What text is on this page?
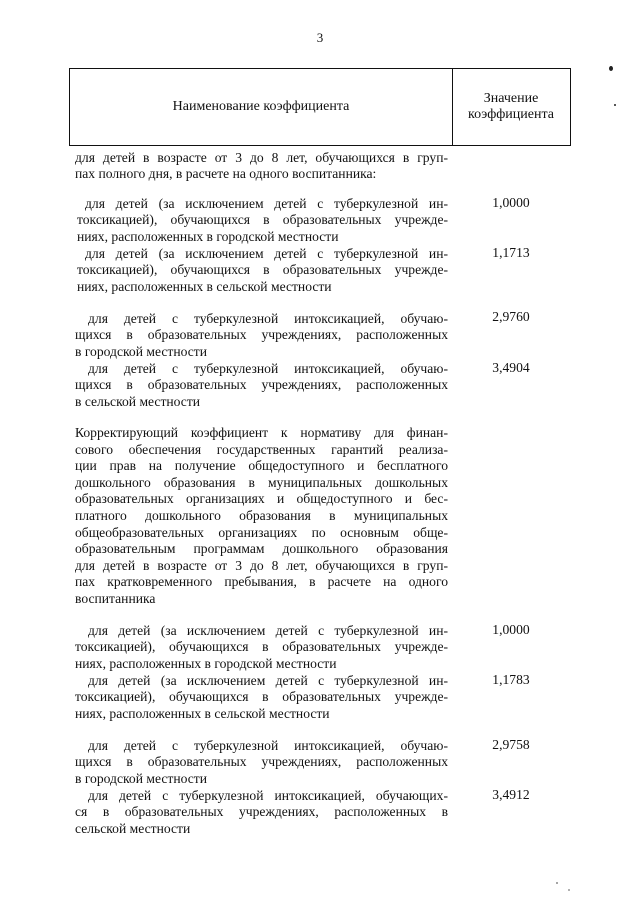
3
Наименование коэффициента
Значение
коэффициента
для детей в возрасте от 3 до 8 лет, обучающихся в груп-
пах полного дня, в расчете на одного воспитанника:
для детей (за исключением детей с туберкулезной ин-
токсикацией), обучающихся в образовательных учрежде-
ниях, расположенных в городской местности
1,0000
для детей (за исключением детей с туберкулезной ин-
токсикацией), обучающихся в образовательных учрежде-
ниях, расположенных в сельской местности
1,1713
для детей с туберкулезной интоксикацией, обучаю-
щихся в образовательных учреждениях, расположенных
в городской местности
2,9760
для детей с туберкулезной интоксикацией, обучаю-
щихся в образовательных учреждениях, расположенных
в сельской местности
3,4904
Корректирующий коэффициент к нормативу для финан-
сового обеспечения государственных гарантий реализа-
ции прав на получение общедоступного и бесплатного
дошкольного образования в муниципальных дошкольных
образовательных организациях и общедоступного и бес-
платного дошкольного образования в муниципальных
общеобразовательных организациях по основным обще-
образовательным программам дошкольного образования
для детей в возрасте от 3 до 8 лет, обучающихся в груп-
пах кратковременного пребывания, в расчете на одного
воспитанника
для детей (за исключением детей с туберкулезной ин-
токсикацией), обучающихся в образовательных учрежде-
ниях, расположенных в городской местности
1,0000
для детей (за исключением детей с туберкулезной ин-
токсикацией), обучающихся в образовательных учрежде-
ниях, расположенных в сельской местности
1,1783
для детей с туберкулезной интоксикацией, обучаю-
щихся в образовательных учреждениях, расположенных
в городской местности
2,9758
для детей с туберкулезной интоксикацией, обучающих-
ся в образовательных учреждениях, расположенных в
сельской местности
3,4912
